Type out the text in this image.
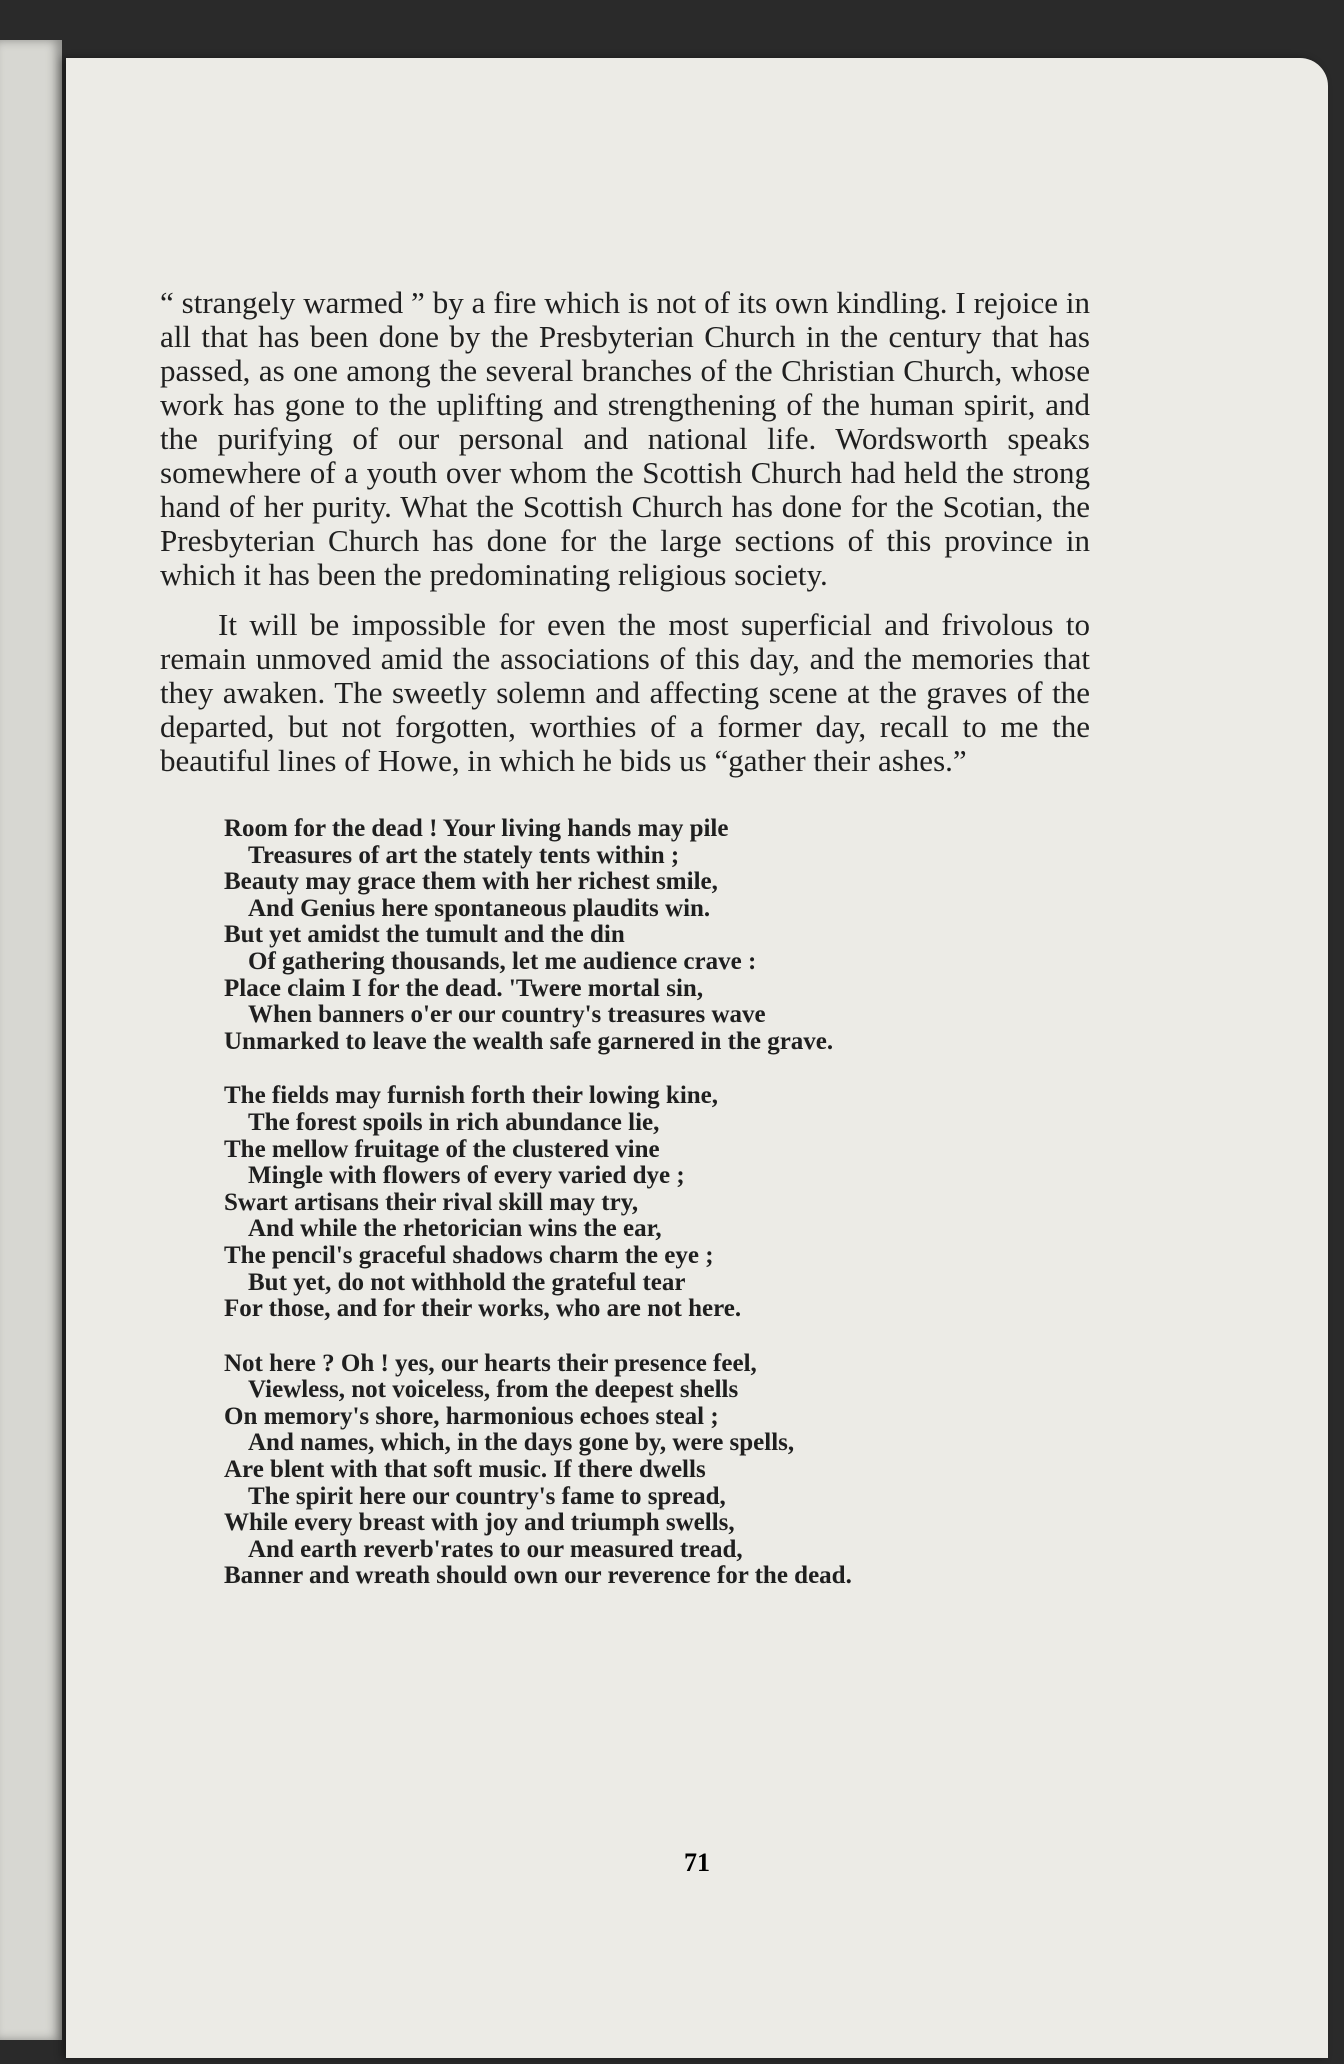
“ strangely warmed ” by a fire which is not of its own kindling. I rejoice in all that has been done by the Presbyterian Church in the century that has passed, as one among the several branches of the Christian Church, whose work has gone to the uplifting and strengthening of the human spirit, and the purifying of our personal and national life. Wordsworth speaks somewhere of a youth over whom the Scottish Church had held the strong hand of her purity. What the Scottish Church has done for the Scotian, the Presbyterian Church has done for the large sections of this province in which it has been the predominating religious society.

It will be impossible for even the most superficial and frivolous to remain unmoved amid the associations of this day, and the memories that they awaken. The sweetly solemn and affecting scene at the graves of the departed, but not forgotten, worthies of a former day, recall to me the beautiful lines of Howe, in which he bids us “gather their ashes.”

Room for the dead ! Your living hands may pile
Treasures of art the stately tents within ;
Beauty may grace them with her richest smile,
And Genius here spontaneous plaudits win.
But yet amidst the tumult and the din
Of gathering thousands, let me audience crave :
Place claim I for the dead. 'Twere mortal sin,
When banners o'er our country's treasures wave
Unmarked to leave the wealth safe garnered in the grave.
The fields may furnish forth their lowing kine,
The forest spoils in rich abundance lie,
The mellow fruitage of the clustered vine
Mingle with flowers of every varied dye ;
Swart artisans their rival skill may try,
And while the rhetorician wins the ear,
The pencil's graceful shadows charm the eye ;
But yet, do not withhold the grateful tear
For those, and for their works, who are not here.
Not here ? Oh ! yes, our hearts their presence feel,
Viewless, not voiceless, from the deepest shells
On memory's shore, harmonious echoes steal ;
And names, which, in the days gone by, were spells,
Are blent with that soft music. If there dwells
The spirit here our country's fame to spread,
While every breast with joy and triumph swells,
And earth reverb'rates to our measured tread,
Banner and wreath should own our reverence for the dead.
71
